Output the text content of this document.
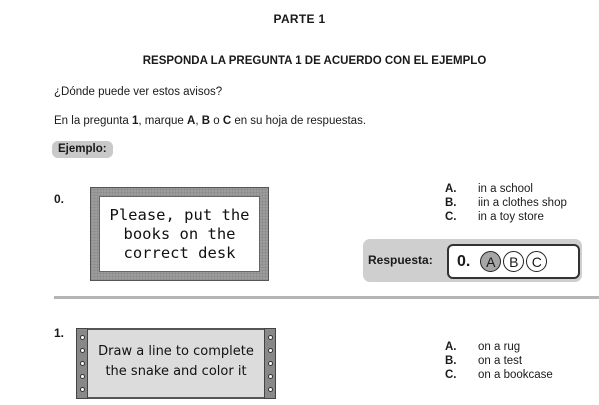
PARTE 1
RESPONDA LA PREGUNTA 1 DE ACUERDO CON EL EJEMPLO
¿Dónde puede ver estos avisos?
En la pregunta 1, marque A, B o C en su hoja de respuestas.
Ejemplo:
0.
Please, put the
books on the
correct desk
A.	in a school
B.	iin a clothes shop
C.	in a toy store
Respuesta: 0.	A B C
1.
Draw a line to complete
the snake and color it
A.	on a rug
B.	on a test
C.	on a bookcase
